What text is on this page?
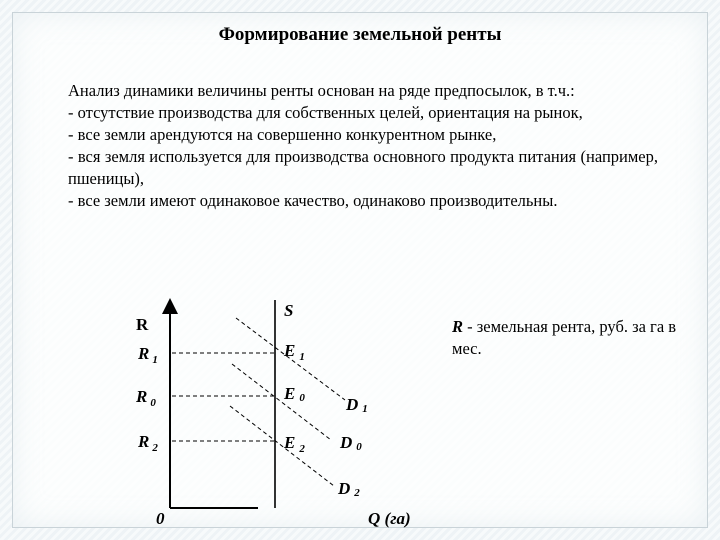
Формирование земельной ренты

Анализ динамики величины ренты основан на ряде предпосылок, в т.ч.:

- отсутствие производства для собственных целей, ориентация на рынок,

- все земли арендуются на совершенно конкурентном рынке,

- вся земля используется для производства основного продукта питания (например, пшеницы),

- все земли имеют одинаковое качество, одинаково производительны.

R
S
R $_1$
R $_0$
R $_2$
E $_1$
E 0
E $_2$
D 1
D 0
D 2
0	Q (га)
R - земельная рента, руб. за га в мес.
